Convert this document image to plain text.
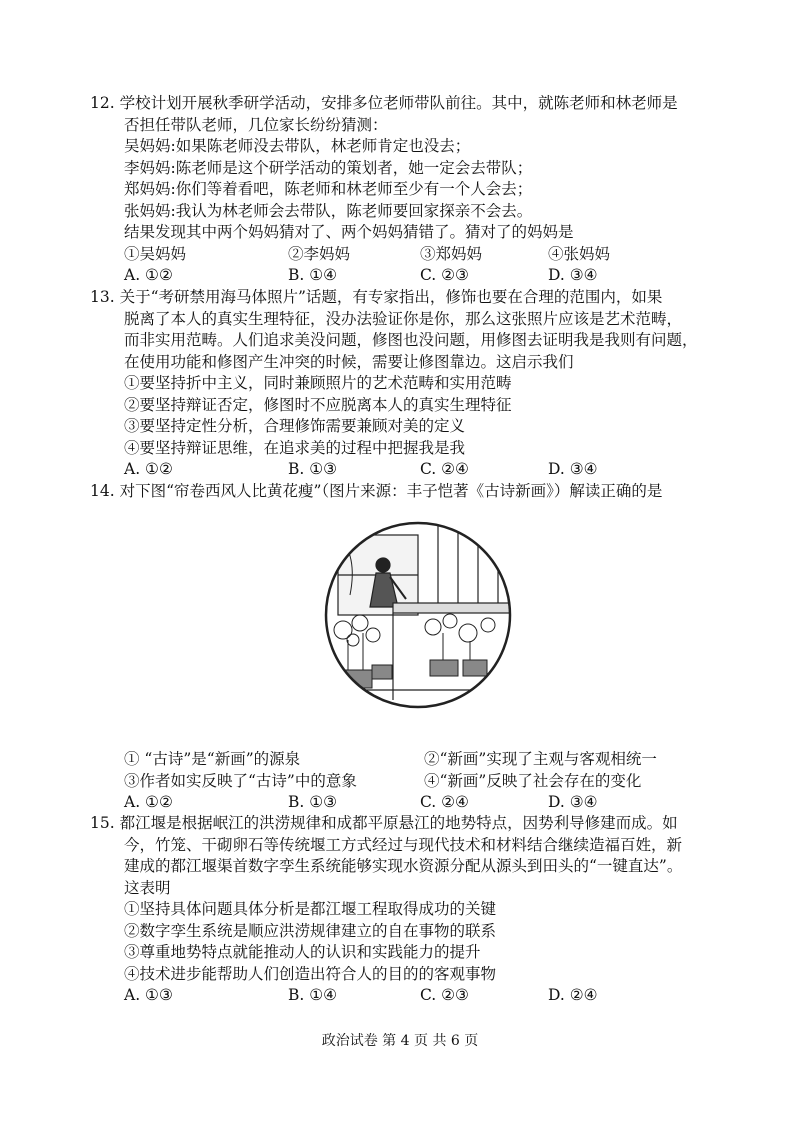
12. 学校计划开展秋季研学活动，安排多位老师带队前往。其中，就陈老师和林老师是
否担任带队老师，几位家长纷纷猜测：
吴妈妈:如果陈老师没去带队，林老师肯定也没去；
李妈妈:陈老师是这个研学活动的策划者，她一定会去带队；
郑妈妈:你们等着看吧，陈老师和林老师至少有一个人会去；
张妈妈:我认为林老师会去带队，陈老师要回家探亲不会去。
结果发现其中两个妈妈猜对了、两个妈妈猜错了。猜对了的妈妈是
①吴妈妈	②李妈妈	③郑妈妈	④张妈妈
A. ①②	B. ①④	C. ②③	D. ③④
13. 关于“考研禁用海马体照片”话题，有专家指出，修饰也要在合理的范围内，如果
脱离了本人的真实生理特征，没办法验证你是你，那么这张照片应该是艺术范畴，
而非实用范畴。人们追求美没问题，修图也没问题，用修图去证明我是我则有问题，
在使用功能和修图产生冲突的时候，需要让修图靠边。这启示我们
①要坚持折中主义，同时兼顾照片的艺术范畴和实用范畴
②要坚持辩证否定，修图时不应脱离本人的真实生理特征
③要坚持定性分析，合理修饰需要兼顾对美的定义
④要坚持辩证思维，在追求美的过程中把握我是我
A. ①②	B. ①③	C. ②④	D. ③④
14. 对下图“帘卷西风人比黄花瘦”（图片来源：丰子恺著《古诗新画》）解读正确的是
① “古诗”是“新画”的源泉	②“新画”实现了主观与客观相统一
③作者如实反映了“古诗”中的意象	④“新画”反映了社会存在的变化
A. ①②	B. ①③	C. ②④	D. ③④
15. 都江堰是根据岷江的洪涝规律和成都平原悬江的地势特点，因势利导修建而成。如
今，竹笼、干砌卵石等传统堰工方式经过与现代技术和材料结合继续造福百姓，新
建成的都江堰渠首数字孪生系统能够实现水资源分配从源头到田头的“一键直达”。
这表明
①坚持具体问题具体分析是都江堰工程取得成功的关键
②数字孪生系统是顺应洪涝规律建立的自在事物的联系
③尊重地势特点就能推动人的认识和实践能力的提升
④技术进步能帮助人们创造出符合人的目的的客观事物
A. ①③	B. ①④	C. ②③	D. ②④
政治试卷 第 4 页 共 6 页
